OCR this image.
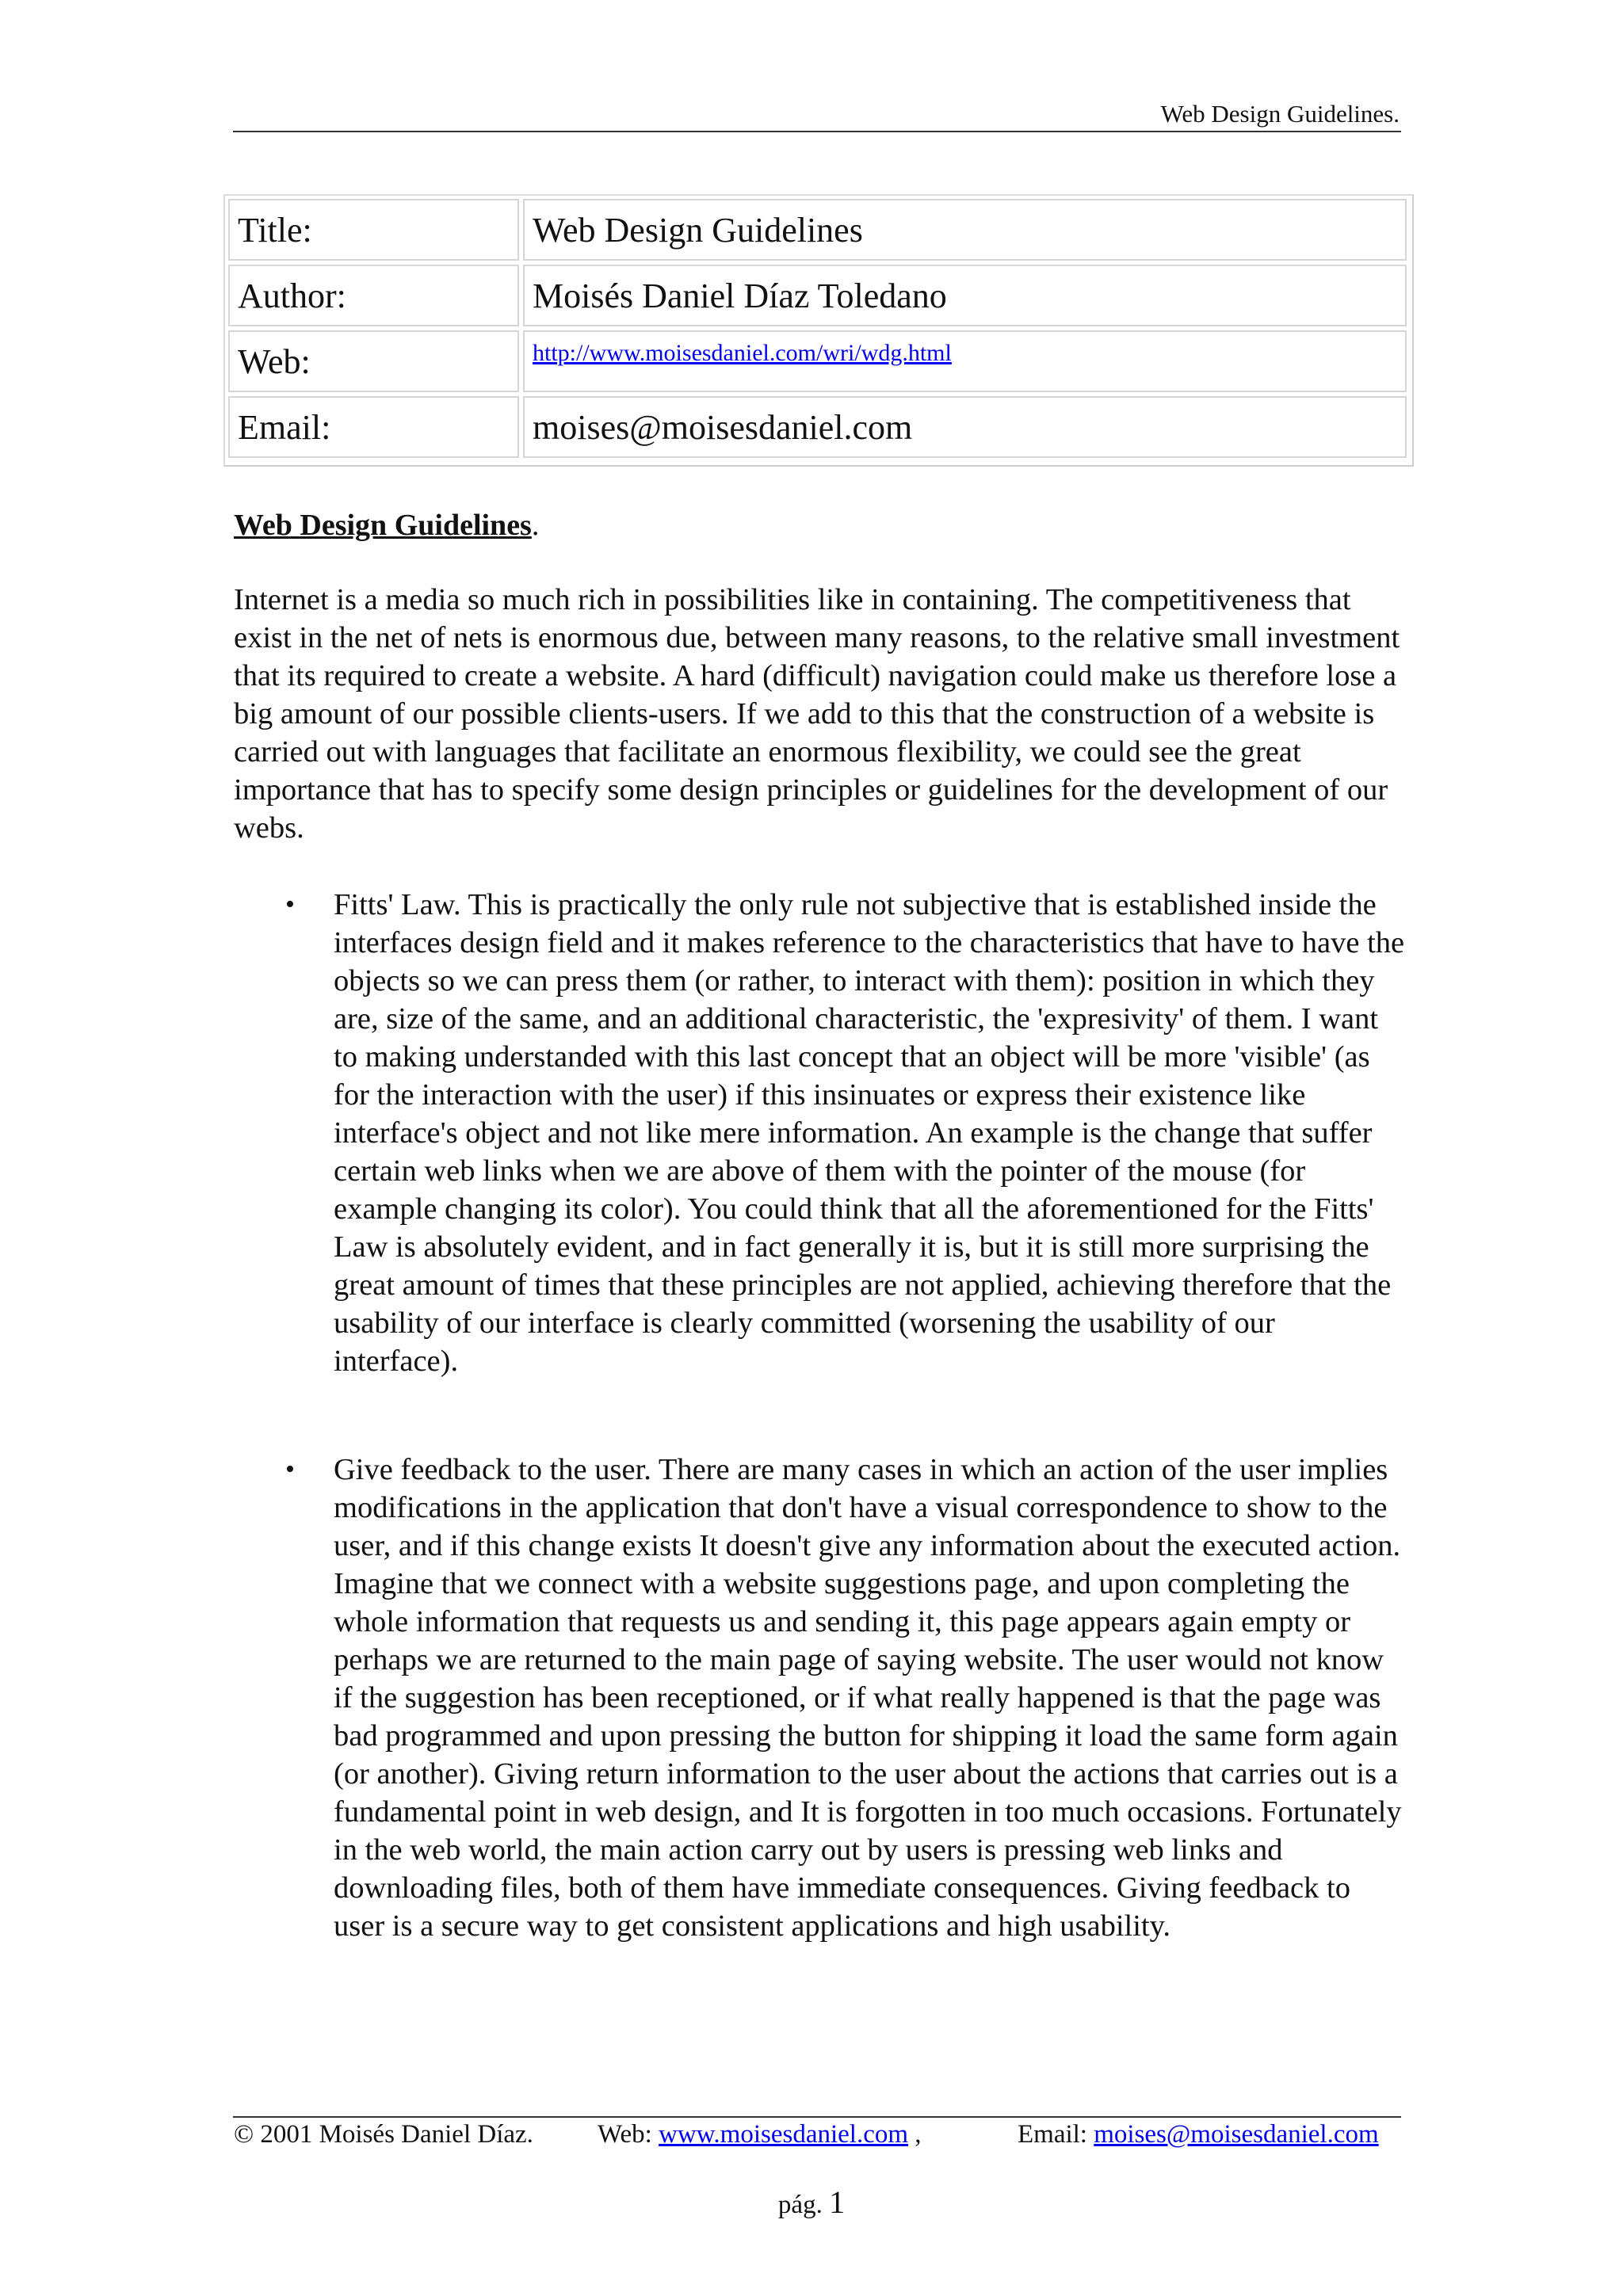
Web Design Guidelines.
Title:	Web Design Guidelines
Author:	Moisés Daniel Díaz Toledano
Web:	http://www.moisesdaniel.com/wri/wdg.html
Email:	moises@moisesdaniel.com
Web Design Guidelines.

Internet is a media so much rich in possibilities like in containing. The competitiveness that exist in the net of nets is enormous due, between many reasons, to the relative small investment that its required to create a website. A hard (difficult) navigation could make us therefore lose a big amount of our possible clients-users. If we add to this that the construction of a website is carried out with languages that facilitate an enormous flexibility, we could see the great importance that has to specify some design principles or guidelines for the development of our webs.

• Fitts' Law. This is practically the only rule not subjective that is established inside the interfaces design field and it makes reference to the characteristics that have to have the objects so we can press them (or rather, to interact with them): position in which they are, size of the same, and an additional characteristic, the 'expresivity' of them. I want to making understanded with this last concept that an object will be more 'visible' (as for the interaction with the user) if this insinuates or express their existence like interface's object and not like mere information. An example is the change that suffer certain web links when we are above of them with the pointer of the mouse (for example changing its color). You could think that all the aforementioned for the Fitts' Law is absolutely evident, and in fact generally it is, but it is still more surprising the great amount of times that these principles are not applied, achieving therefore that the usability of our interface is clearly committed (worsening the usability of our interface).
• Give feedback to the user. There are many cases in which an action of the user implies modifications in the application that don't have a visual correspondence to show to the user, and if this change exists It doesn't give any information about the executed action. Imagine that we connect with a website suggestions page, and upon completing the whole information that requests us and sending it, this page appears again empty or perhaps we are returned to the main page of saying website. The user would not know if the suggestion has been receptioned, or if what really happened is that the page was bad programmed and upon pressing the button for shipping it load the same form again (or another). Giving return information to the user about the actions that carries out is a fundamental point in web design, and It is forgotten in too much occasions. Fortunately in the web world, the main action carry out by users is pressing web links and downloading files, both of them have immediate consequences. Giving feedback to user is a secure way to get consistent applications and high usability.
© 2001 Moisés Daniel Díaz. Web: www.moisesdaniel.com ,	Email: moises@moisesdaniel.com
pág. 1
